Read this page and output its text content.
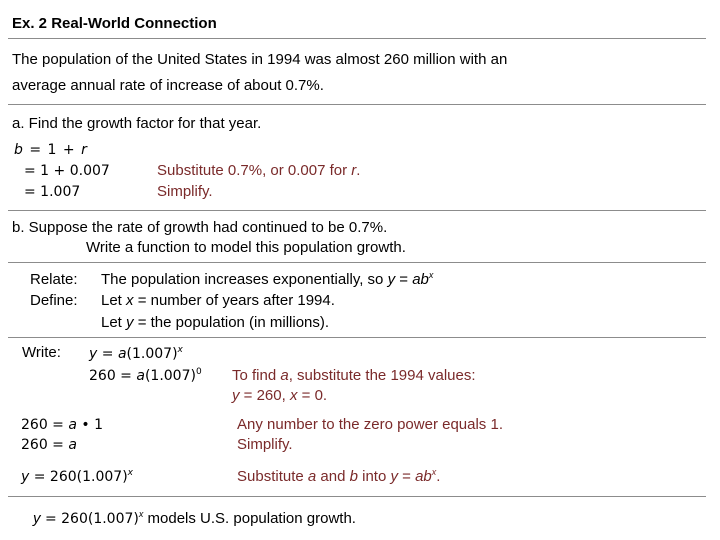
Ex. 2 Real-World Connection
The population of the United States in 1994 was almost 260 million with an
average annual rate of increase of about 0.7%.
a. Find the growth factor for that year.
b = 1 + r
= 1 + 0.007
= 1.007
Substitute 0.7%, or 0.007 for r.
Simplify.
b. Suppose the rate of growth had continued to be 0.7%.
Write a function to model this population growth.
Relate: The population increases exponentially, so $y = ab^x$
Define: Let x = number of years after 1994.
Let y = the population (in millions).
Write: $y = a(1.007)^x$
$260 = a(1.007)^0$ To find a, substitute the 1994 values:
y = 260, x = 0.
260 = a • 1
260 = a
Any number to the zero power equals 1.
Simplify.
$y = 260(1.007)^x$	Substitute a and b into $y = ab^x$.
$y = 260(1.007)^x$ models U.S. population growth.
